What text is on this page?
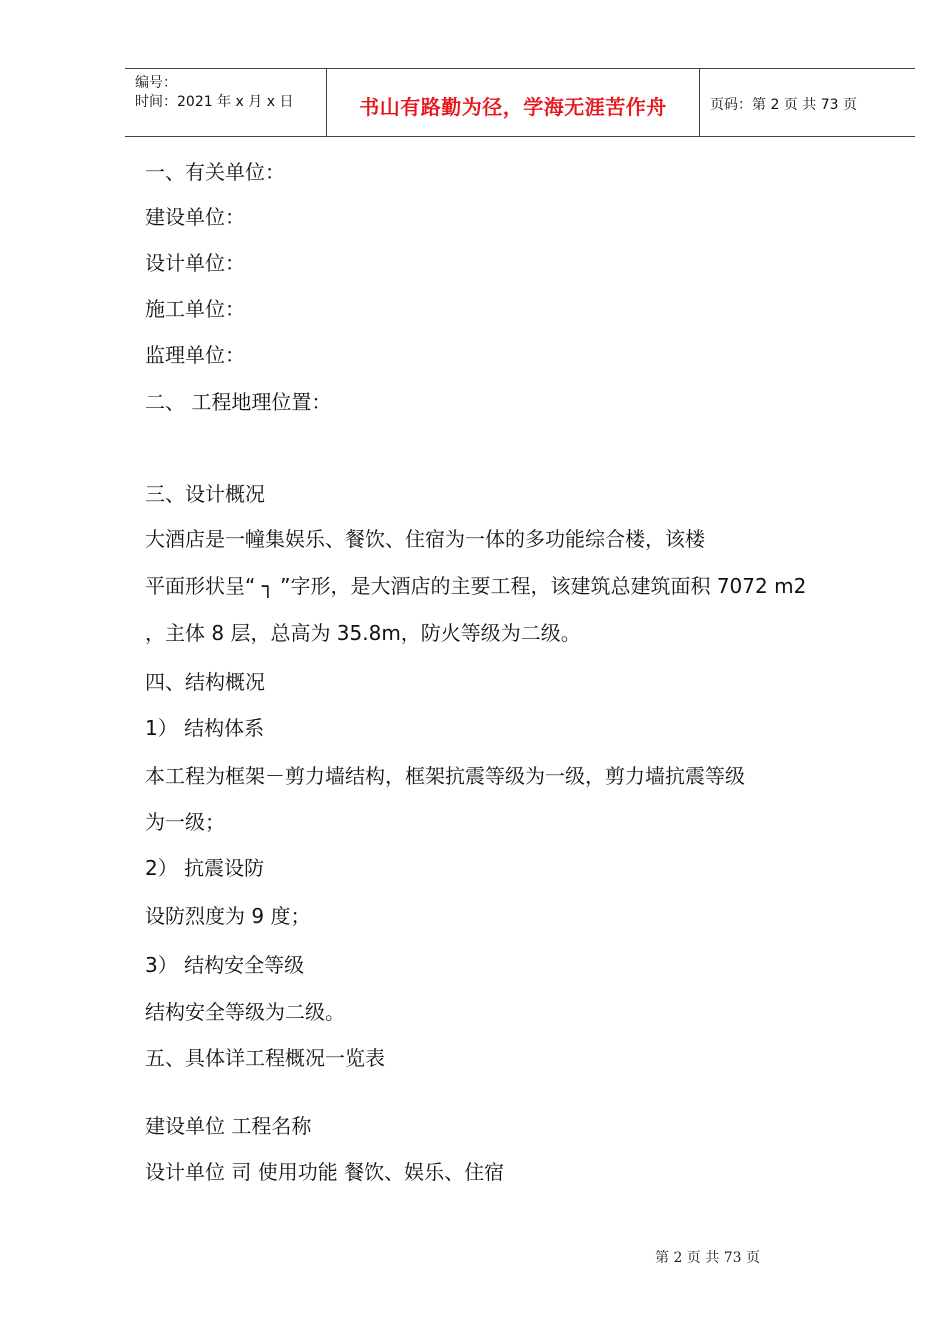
编号：
时间：2021 年 x 月 x 日	书山有路勤为径，学海无涯苦作舟	页码：第 2 页 共 73 页
一、有关单位：
建设单位：
设计单位：
施工单位：
监理单位：
二、 工程地理位置：
三、设计概况
大酒店是一幢集娱乐、餐饮、住宿为一体的多功能综合楼，该楼
平面形状呈“ ┐ ”字形，是大酒店的主要工程，该建筑总建筑面积 7072 m2
，主体 8 层，总高为 35.8m，防火等级为二级。
四、结构概况
1） 结构体系
本工程为框架－剪力墙结构，框架抗震等级为一级，剪力墙抗震等级
为一级；
2） 抗震设防
设防烈度为 9 度；
3） 结构安全等级
结构安全等级为二级。
五、具体详工程概况一览表
建设单位 工程名称
设计单位 司 使用功能 餐饮、娱乐、住宿
第 2 页 共 73 页
